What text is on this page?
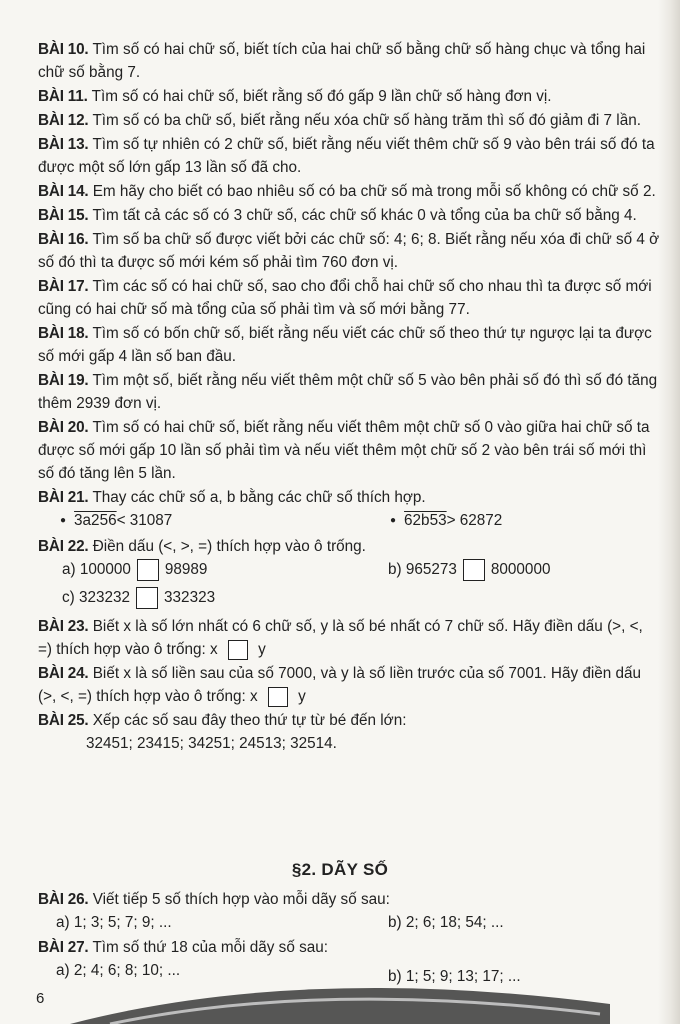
BÀI 10. Tìm số có hai chữ số, biết tích của hai chữ số bằng chữ số hàng chục và tổng hai chữ số bằng 7.

BÀI 11. Tìm số có hai chữ số, biết rằng số đó gấp 9 lần chữ số hàng đơn vị.

BÀI 12. Tìm số có ba chữ số, biết rằng nếu xóa chữ số hàng trăm thì số đó giảm đi 7 lần.

BÀI 13. Tìm số tự nhiên có 2 chữ số, biết rằng nếu viết thêm chữ số 9 vào bên trái số đó ta được một số lớn gấp 13 lần số đã cho.

BÀI 14. Em hãy cho biết có bao nhiêu số có ba chữ số mà trong mỗi số không có chữ số 2.

BÀI 15. Tìm tất cả các số có 3 chữ số, các chữ số khác 0 và tổng của ba chữ số bằng 4.

BÀI 16. Tìm số ba chữ số được viết bởi các chữ số: 4; 6; 8. Biết rằng nếu xóa đi chữ số 4 ở số đó thì ta được số mới kém số phải tìm 760 đơn vị.

BÀI 17. Tìm các số có hai chữ số, sao cho đổi chỗ hai chữ số cho nhau thì ta được số mới cũng có hai chữ số mà tổng của số phải tìm và số mới bằng 77.

BÀI 18. Tìm số có bốn chữ số, biết rằng nếu viết các chữ số theo thứ tự ngược lại ta được số mới gấp 4 lần số ban đầu.

BÀI 19. Tìm một số, biết rằng nếu viết thêm một chữ số 5 vào bên phải số đó thì số đó tăng thêm 2939 đơn vị.

BÀI 20. Tìm số có hai chữ số, biết rằng nếu viết thêm một chữ số 0 vào giữa hai chữ số ta được số mới gấp 10 lần số phải tìm và nếu viết thêm một chữ số 2 vào bên trái số mới thì số đó tăng lên 5 lần.

BÀI 21. Thay các chữ số a, b bằng các chữ số thích hợp.

● 3a256 < 31087	● 62b53 > 62872

BÀI 22. Điền dấu (<, >, =) thích hợp vào ô trống.

a) 100000 98989	b) 965273 8000000
c) 323232 332323

BÀI 23. Biết x là số lớn nhất có 6 chữ số, y là số bé nhất có 7 chữ số. Hãy điền dấu (>, <, =) thích hợp vào ô trống: x	y

BÀI 24. Biết x là số liền sau của số 7000, và y là số liền trước của số 7001. Hãy điền dấu (>, <, =) thích hợp vào ô trống: x	y

BÀI 25. Xếp các số sau đây theo thứ tự từ bé đến lớn:

32451; 23415; 34251; 24513; 32514.

§2. DÃY SỐ

BÀI 26. Viết tiếp 5 số thích hợp vào mỗi dãy số sau:

a) 1; 3; 5; 7; 9; ...	b) 2; 6; 18; 54; ...

BÀI 27. Tìm số thứ 18 của mỗi dãy số sau:

a) 2; 4; 6; 8; 10; ...	b) 1; 5; 9; 13; 17; ...
6
